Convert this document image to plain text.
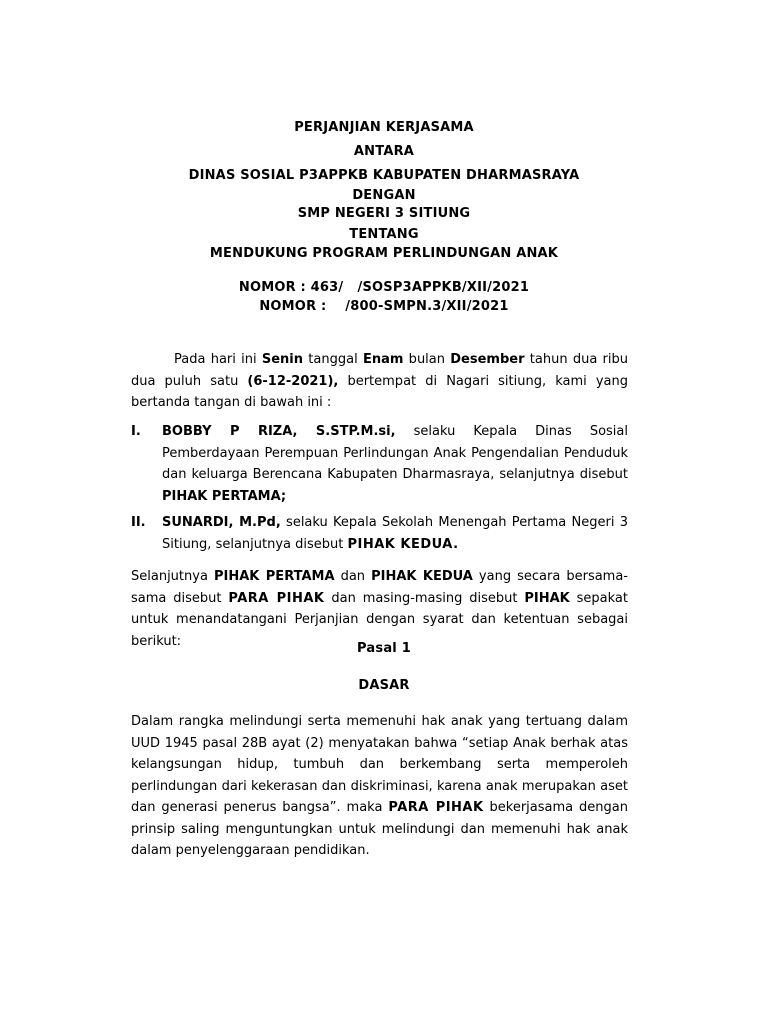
PERJANJIAN KERJASAMA
ANTARA
DINAS SOSIAL P3APPKB KABUPATEN DHARMASRAYA
DENGAN
SMP NEGERI 3 SITIUNG
TENTANG
MENDUKUNG PROGRAM PERLINDUNGAN ANAK
NOMOR : 463/   /SOSP3APPKB/XII/2021
NOMOR :    /800-SMPN.3/XII/2021
Pada hari ini Senin tanggal Enam bulan Desember tahun dua ribu dua puluh satu (6-12-2021), bertempat di Nagari sitiung, kami yang bertanda tangan di bawah ini :
I. BOBBY P RIZA, S.STP.M.si, selaku Kepala Dinas Sosial Pemberdayaan Perempuan Perlindungan Anak Pengendalian Penduduk dan keluarga Berencana Kabupaten Dharmasraya, selanjutnya disebut PIHAK PERTAMA;
II. SUNARDI, M.Pd, selaku Kepala Sekolah Menengah Pertama Negeri 3 Sitiung, selanjutnya disebut PIHAK KEDUA.
Selanjutnya PIHAK PERTAMA dan PIHAK KEDUA yang secara bersama-sama disebut PARA PIHAK dan masing-masing disebut PIHAK sepakat untuk menandatangani Perjanjian dengan syarat dan ketentuan sebagai berikut:	Pasal 1
DASAR
Dalam rangka melindungi serta memenuhi hak anak yang tertuang dalam UUD 1945 pasal 28B ayat (2) menyatakan bahwa “setiap Anak berhak atas kelangsungan hidup, tumbuh dan berkembang serta memperoleh perlindungan dari kekerasan dan diskriminasi, karena anak merupakan aset dan generasi penerus bangsa”. maka PARA PIHAK bekerjasama dengan prinsip saling menguntungkan untuk melindungi dan memenuhi hak anak dalam penyelenggaraan pendidikan.
